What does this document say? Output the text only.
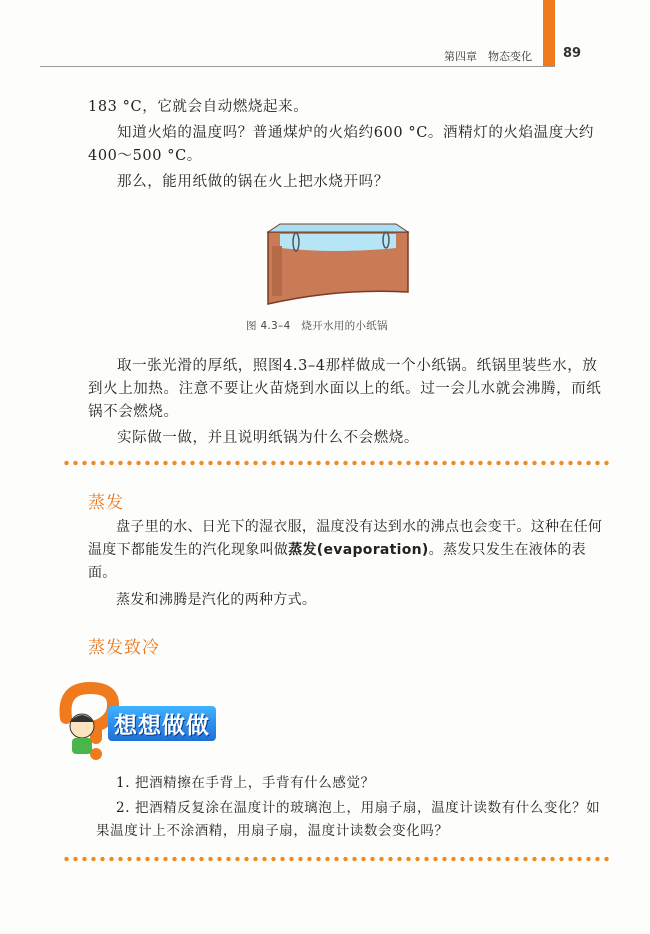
第四章　物态变化 89
183 °C，它就会自动燃烧起来。
知道火焰的温度吗？普通煤炉的火焰约600 °C。酒精灯的火焰温度大约400～500 °C。
那么，能用纸做的锅在火上把水烧开吗？
图 4.3–4　烧开水用的小纸锅
取一张光滑的厚纸，照图4.3–4那样做成一个小纸锅。纸锅里装些水，放到火上加热。注意不要让火苗烧到水面以上的纸。过一会儿水就会沸腾，而纸锅不会燃烧。
实际做一做，并且说明纸锅为什么不会燃烧。
蒸发
盘子里的水、日光下的湿衣服，温度没有达到水的沸点也会变干。这种在任何温度下都能发生的汽化现象叫做蒸发(evaporation)。蒸发只发生在液体的表面。
蒸发和沸腾是汽化的两种方式。
蒸发致冷
想想做做
1. 把酒精擦在手背上，手背有什么感觉？
2. 把酒精反复涂在温度计的玻璃泡上，用扇子扇，温度计读数有什么变化？如果温度计上不涂酒精，用扇子扇，温度计读数会变化吗？
